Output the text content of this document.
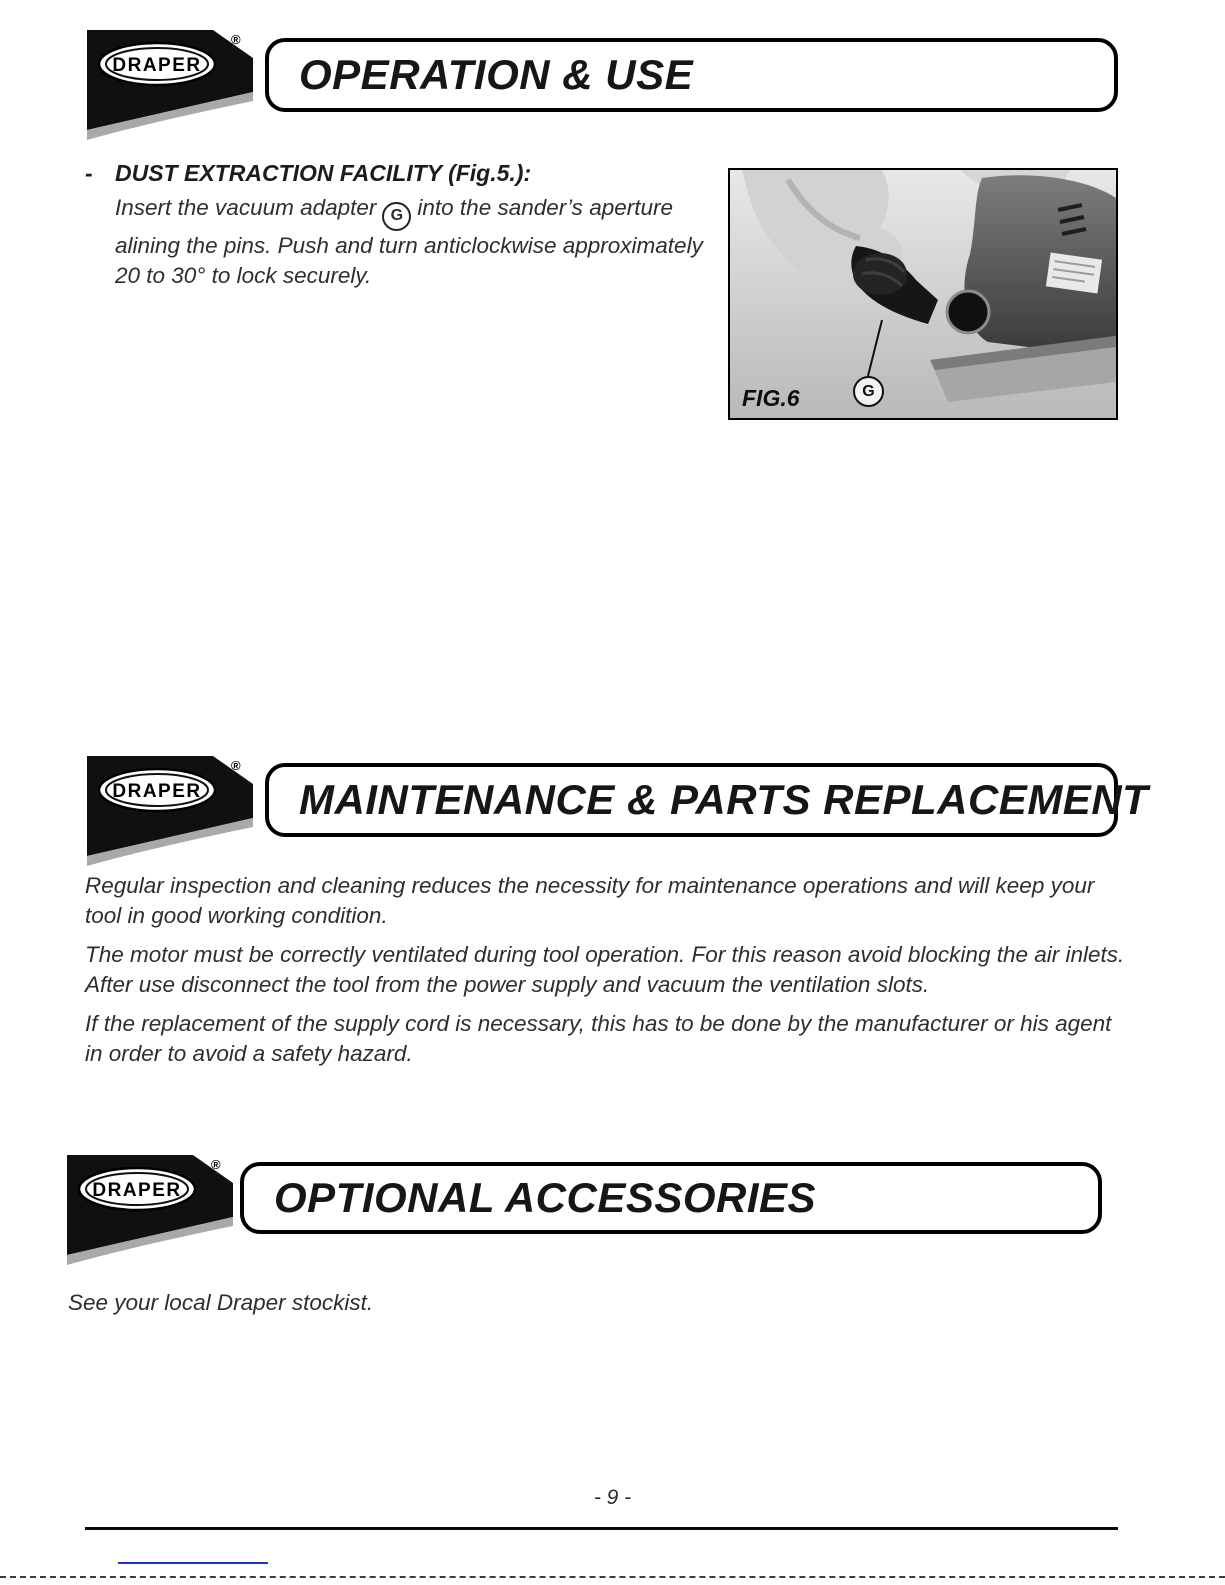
DRAPER
®
OPERATION & USE
- DUST EXTRACTION FACILITY (Fig.5.):

Insert the vacuum adapter G into the sander’s aperture alining the pins. Push and turn anticlockwise approximately 20 to 30° to lock securely.

FIG.6	G
DRAPER
®
MAINTENANCE & PARTS REPLACEMENT

Regular inspection and cleaning reduces the necessity for maintenance operations and will keep your tool in good working condition.

The motor must be correctly ventilated during tool operation. For this reason avoid blocking the air inlets. After use disconnect the tool from the power supply and vacuum the ventilation slots.

If the replacement of the supply cord is necessary, this has to be done by the manufacturer or his agent in order to avoid a safety hazard.

DRAPER
®
OPTIONAL ACCESSORIES

See your local Draper stockist.

- 9 -
